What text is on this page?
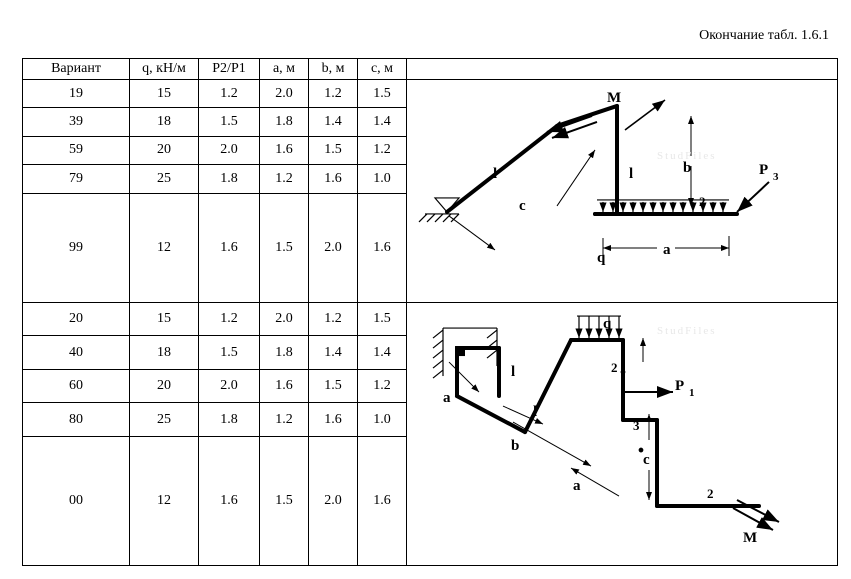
Окончание табл. 1.6.1
Вариант	q, кН/м	P2/P1	a, м	b, м	c, м	
19	15	1.2	2.0	1.2	1.5	M
l
c
l	b
2
P 3
q	a
StudFiles

39	18	1.5	1.8	1.4	1.4	
59	20	2.0	1.6	1.5	1.2	
79	25	1.8	1.2	1.6	1.0	
99	12	1.6	1.5	2.0	1.6	
20	15	1.2	2.0	1.2	1.5	q
l
a
2
l
P 1
b
3
c
a	2
M
StudFiles

40	18	1.5	1.8	1.4	1.4	
60	20	2.0	1.6	1.5	1.2	
80	25	1.8	1.2	1.6	1.0	
00	12	1.6	1.5	2.0	1.6	
